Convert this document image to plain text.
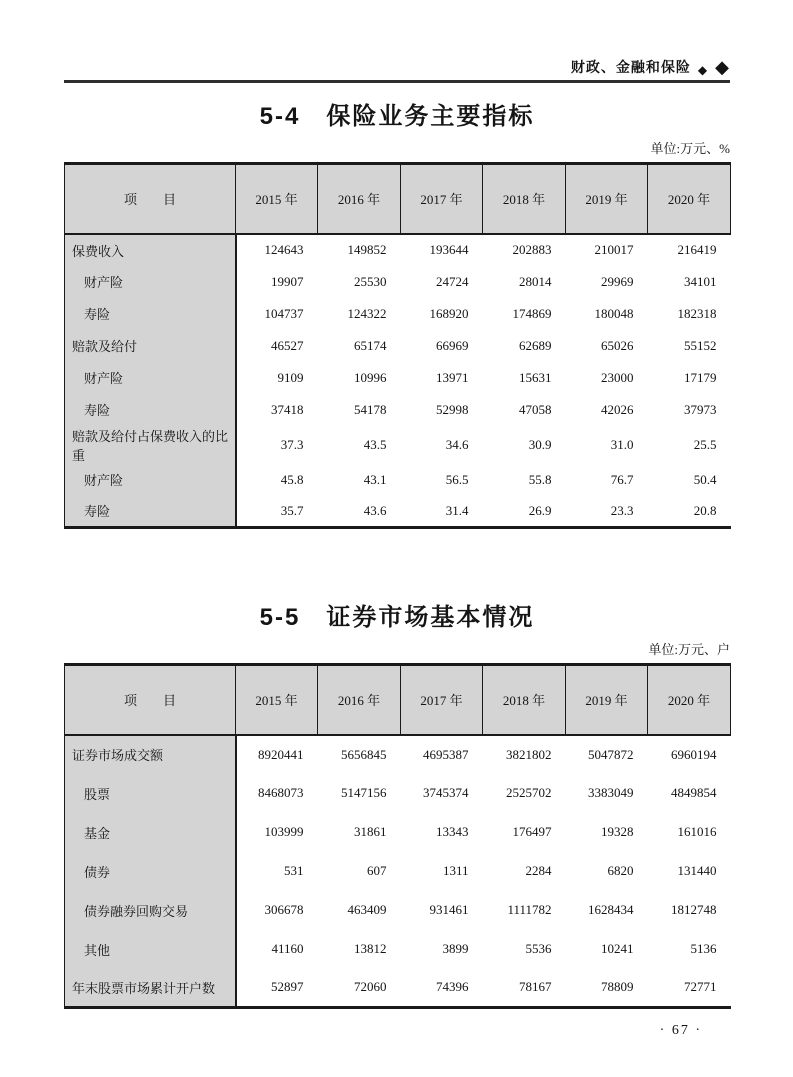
财政、金融和保险 ◆ ◆
5-4　保险业务主要指标
单位:万元、%
项　　目	2015 年	2016 年	2017 年	2018 年	2019 年	2020 年
保费收入	124643	149852	193644	202883	210017	216419
财产险	19907	25530	24724	28014	29969	34101
寿险	104737	124322	168920	174869	180048	182318
赔款及给付	46527	65174	66969	62689	65026	55152
财产险	9109	10996	13971	15631	23000	17179
寿险	37418	54178	52998	47058	42026	37973
赔款及给付占保费收入的比重	37.3	43.5	34.6	30.9	31.0	25.5
财产险	45.8	43.1	56.5	55.8	76.7	50.4
寿险	35.7	43.6	31.4	26.9	23.3	20.8
5-5　证券市场基本情况
单位:万元、户
项　　目	2015 年	2016 年	2017 年	2018 年	2019 年	2020 年
证券市场成交额	8920441	5656845	4695387	3821802	5047872	6960194
股票	8468073	5147156	3745374	2525702	3383049	4849854
基金	103999	31861	13343	176497	19328	161016
债券	531	607	1311	2284	6820	131440
债券融券回购交易	306678	463409	931461	1111782	1628434	1812748
其他	41160	13812	3899	5536	10241	5136
年末股票市场累计开户数	52897	72060	74396	78167	78809	72771
· 67 ·
